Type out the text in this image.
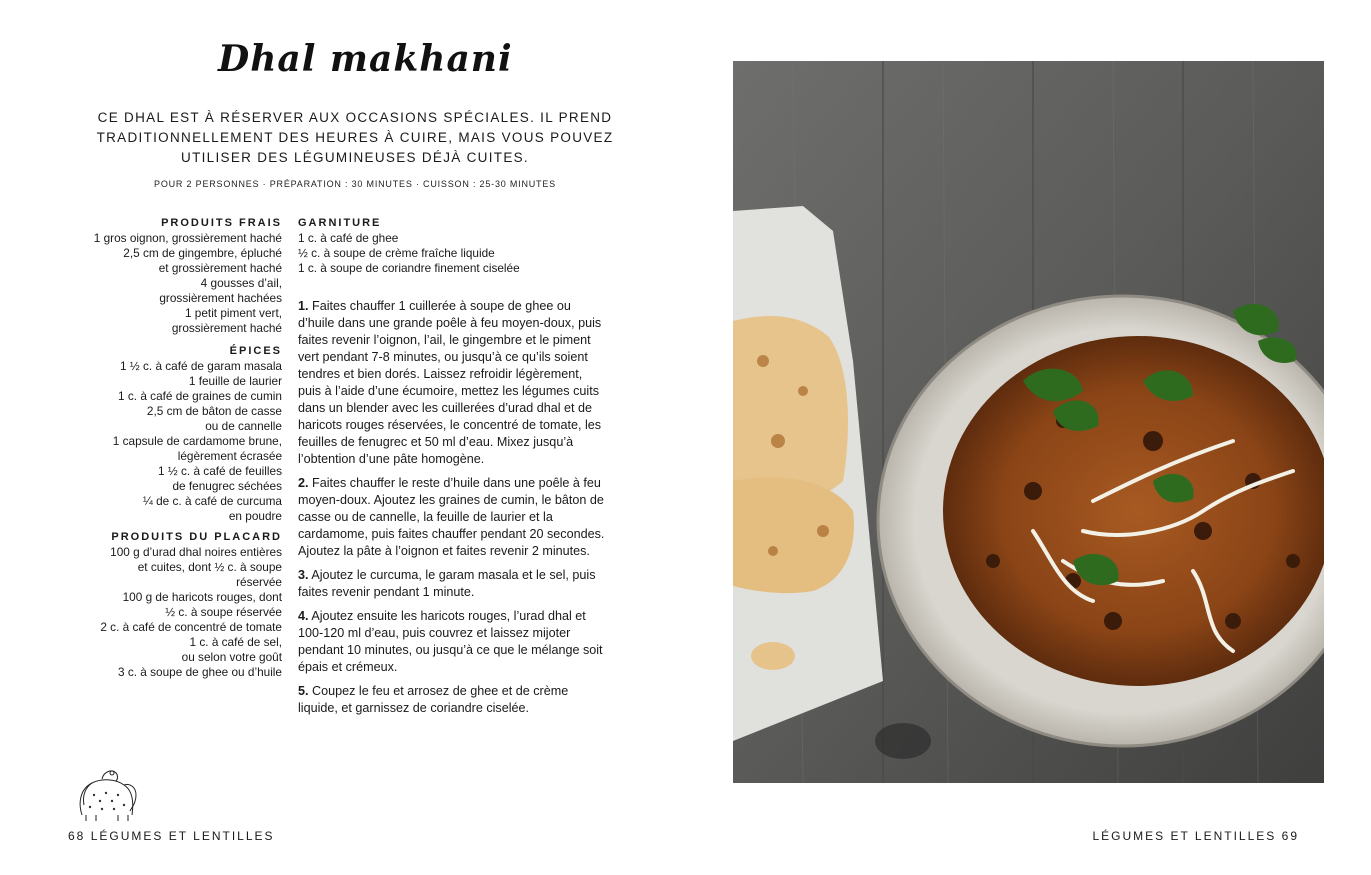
Dhal makhani
CE DHAL EST À RÉSERVER AUX OCCASIONS SPÉCIALES. IL PREND TRADITIONNELLEMENT DES HEURES À CUIRE, MAIS VOUS POUVEZ UTILISER DES LÉGUMINEUSES DÉJÀ CUITES.
POUR 2 PERSONNES · PRÉPARATION : 30 MINUTES · CUISSON : 25-30 MINUTES
PRODUITS FRAIS

1 gros oignon, grossièrement haché

2,5 cm de gingembre, épluché

et grossièrement haché

4 gousses d’ail,

grossièrement hachées

1 petit piment vert,

grossièrement haché

ÉPICES

1 ½ c. à café de garam masala

1 feuille de laurier

1 c. à café de graines de cumin

2,5 cm de bâton de casse

ou de cannelle

1 capsule de cardamome brune,

légèrement écrasée

1 ½ c. à café de feuilles

de fenugrec séchées

¼ de c. à café de curcuma

en poudre

PRODUITS DU PLACARD

100 g d’urad dhal noires entières

et cuites, dont ½ c. à soupe

réservée

100 g de haricots rouges, dont

½ c. à soupe réservée

2 c. à café de concentré de tomate

1 c. à café de sel,

ou selon votre goût

3 c. à soupe de ghee ou d’huile

GARNITURE

1 c. à café de ghee

½ c. à soupe de crème fraîche liquide

1 c. à soupe de coriandre finement ciselée

1. Faites chauffer 1 cuillerée à soupe de ghee ou d’huile dans une grande poêle à feu moyen-doux, puis faites revenir l’oignon, l’ail, le gingembre et le piment vert pendant 7-8 minutes, ou jusqu’à ce qu’ils soient tendres et bien dorés. Laissez refroidir légèrement, puis à l’aide d’une écumoire, mettez les légumes cuits dans un blender avec les cuillerées d’urad dhal et de haricots rouges réservées, le concentré de tomate, les feuilles de fenugrec et 50 ml d’eau. Mixez jusqu’à l’obtention d’une pâte homogène.

2. Faites chauffer le reste d’huile dans une poêle à feu moyen-doux. Ajoutez les graines de cumin, le bâton de casse ou de cannelle, la feuille de laurier et la cardamome, puis faites chauffer pendant 20 secondes. Ajoutez la pâte à l’oignon et faites revenir 2 minutes.

3. Ajoutez le curcuma, le garam masala et le sel, puis faites revenir pendant 1 minute.

4. Ajoutez ensuite les haricots rouges, l’urad dhal et 100-120 ml d’eau, puis couvrez et laissez mijoter pendant 10 minutes, ou jusqu’à ce que le mélange soit épais et crémeux.

5. Coupez le feu et arrosez de ghee et de crème liquide, et garnissez de coriandre ciselée.

68 LÉGUMES ET LENTILLES	LÉGUMES ET LENTILLES 69
